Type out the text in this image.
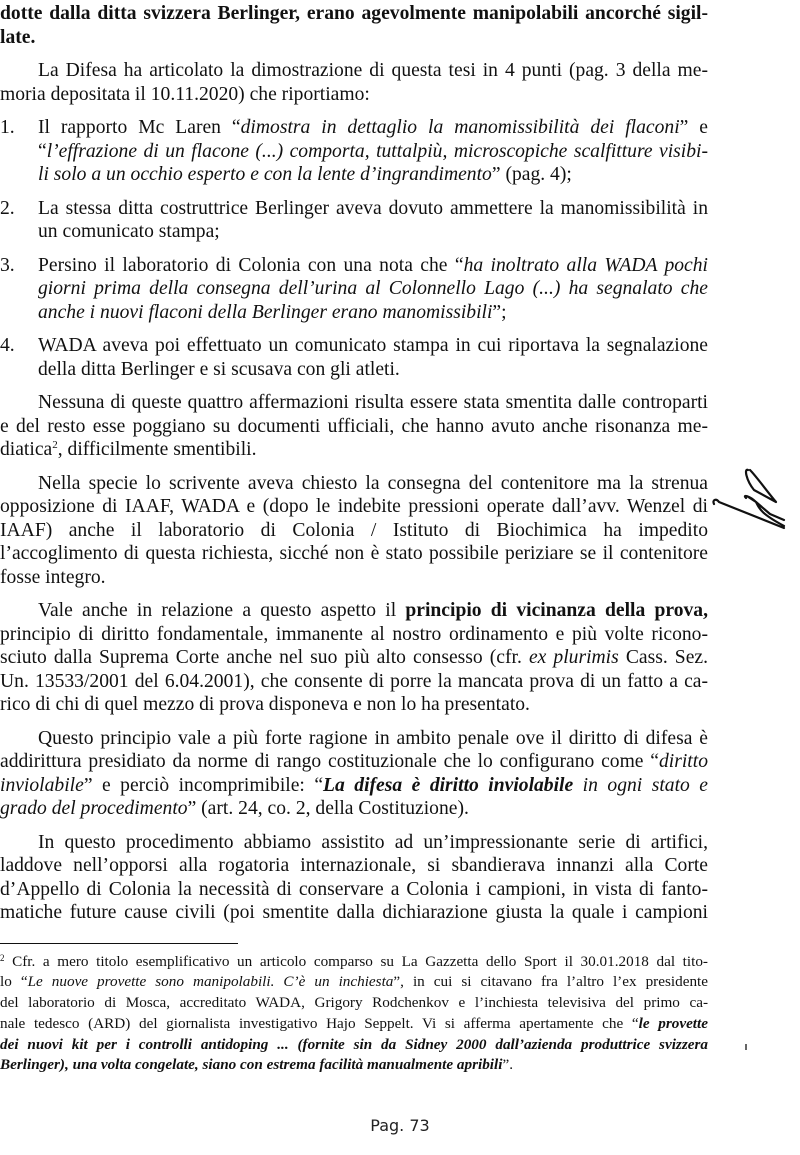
dotte dalla ditta svizzera Berlinger, erano agevolmente manipolabili ancorché sigil-
late.
La Difesa ha articolato la dimostrazione di questa tesi in 4 punti (pag. 3 della me-
moria depositata il 10.11.2020) che riportiamo:
1. Il rapporto Mc Laren “dimostra in dettaglio la manomissibilità dei flaconi” e
“l’effrazione di un flacone (...) comporta, tuttalpiù, microscopiche scalfitture visibi-
li solo a un occhio esperto e con la lente d’ingrandimento” (pag. 4);
2. La stessa ditta costruttrice Berlinger aveva dovuto ammettere la manomissibilità in
un comunicato stampa;
3. Persino il laboratorio di Colonia con una nota che “ha inoltrato alla WADA pochi
giorni prima della consegna dell’urina al Colonnello Lago (...) ha segnalato che
anche i nuovi flaconi della Berlinger erano manomissibili”;
4. WADA aveva poi effettuato un comunicato stampa in cui riportava la segnalazione
della ditta Berlinger e si scusava con gli atleti.
Nessuna di queste quattro affermazioni risulta essere stata smentita dalle controparti
e del resto esse poggiano su documenti ufficiali, che hanno avuto anche risonanza me-
diatica$^2$, difficilmente smentibili.
Nella specie lo scrivente aveva chiesto la consegna del contenitore ma la strenua
opposizione di IAAF, WADA e (dopo le indebite pressioni operate dall’avv. Wenzel di
IAAF) anche il laboratorio di Colonia / Istituto di Biochimica ha impedito
l’accoglimento di questa richiesta, sicché non è stato possibile periziare se il contenitore
fosse integro.
Vale anche in relazione a questo aspetto il principio di vicinanza della prova,
principio di diritto fondamentale, immanente al nostro ordinamento e più volte ricono-
sciuto dalla Suprema Corte anche nel suo più alto consesso (cfr. ex plurimis Cass. Sez.
Un. 13533/2001 del 6.04.2001), che consente di porre la mancata prova di un fatto a ca-
rico di chi di quel mezzo di prova disponeva e non lo ha presentato.
Questo principio vale a più forte ragione in ambito penale ove il diritto di difesa è
addirittura presidiato da norme di rango costituzionale che lo configurano come “diritto
inviolabile” e perciò incomprimibile: “La difesa è diritto inviolabile in ogni stato e
grado del procedimento” (art. 24, co. 2, della Costituzione).
In questo procedimento abbiamo assistito ad un’impressionante serie di artifici,
laddove nell’opporsi alla rogatoria internazionale, si sbandierava innanzi alla Corte
d’Appello di Colonia la necessità di conservare a Colonia i campioni, in vista di fanto-
matiche future cause civili (poi smentite dalla dichiarazione giusta la quale i campioni
$^2$ Cfr. a mero titolo esemplificativo un articolo comparso su La Gazzetta dello Sport il 30.01.2018 dal tito-
lo “Le nuove provette sono manipolabili. C’è un inchiesta”, in cui si citavano fra l’altro l’ex presidente
del laboratorio di Mosca, accreditato WADA, Grigory Rodchenkov e l’inchiesta televisiva del primo ca-
nale tedesco (ARD) del giornalista investigativo Hajo Seppelt. Vi si afferma apertamente che “le provette
dei nuovi kit per i controlli antidoping ... (fornite sin da Sidney 2000 dall’azienda produttrice svizzera
Berlinger), una volta congelate, siano con estrema facilità manualmente apribili”.
Pag. 73
